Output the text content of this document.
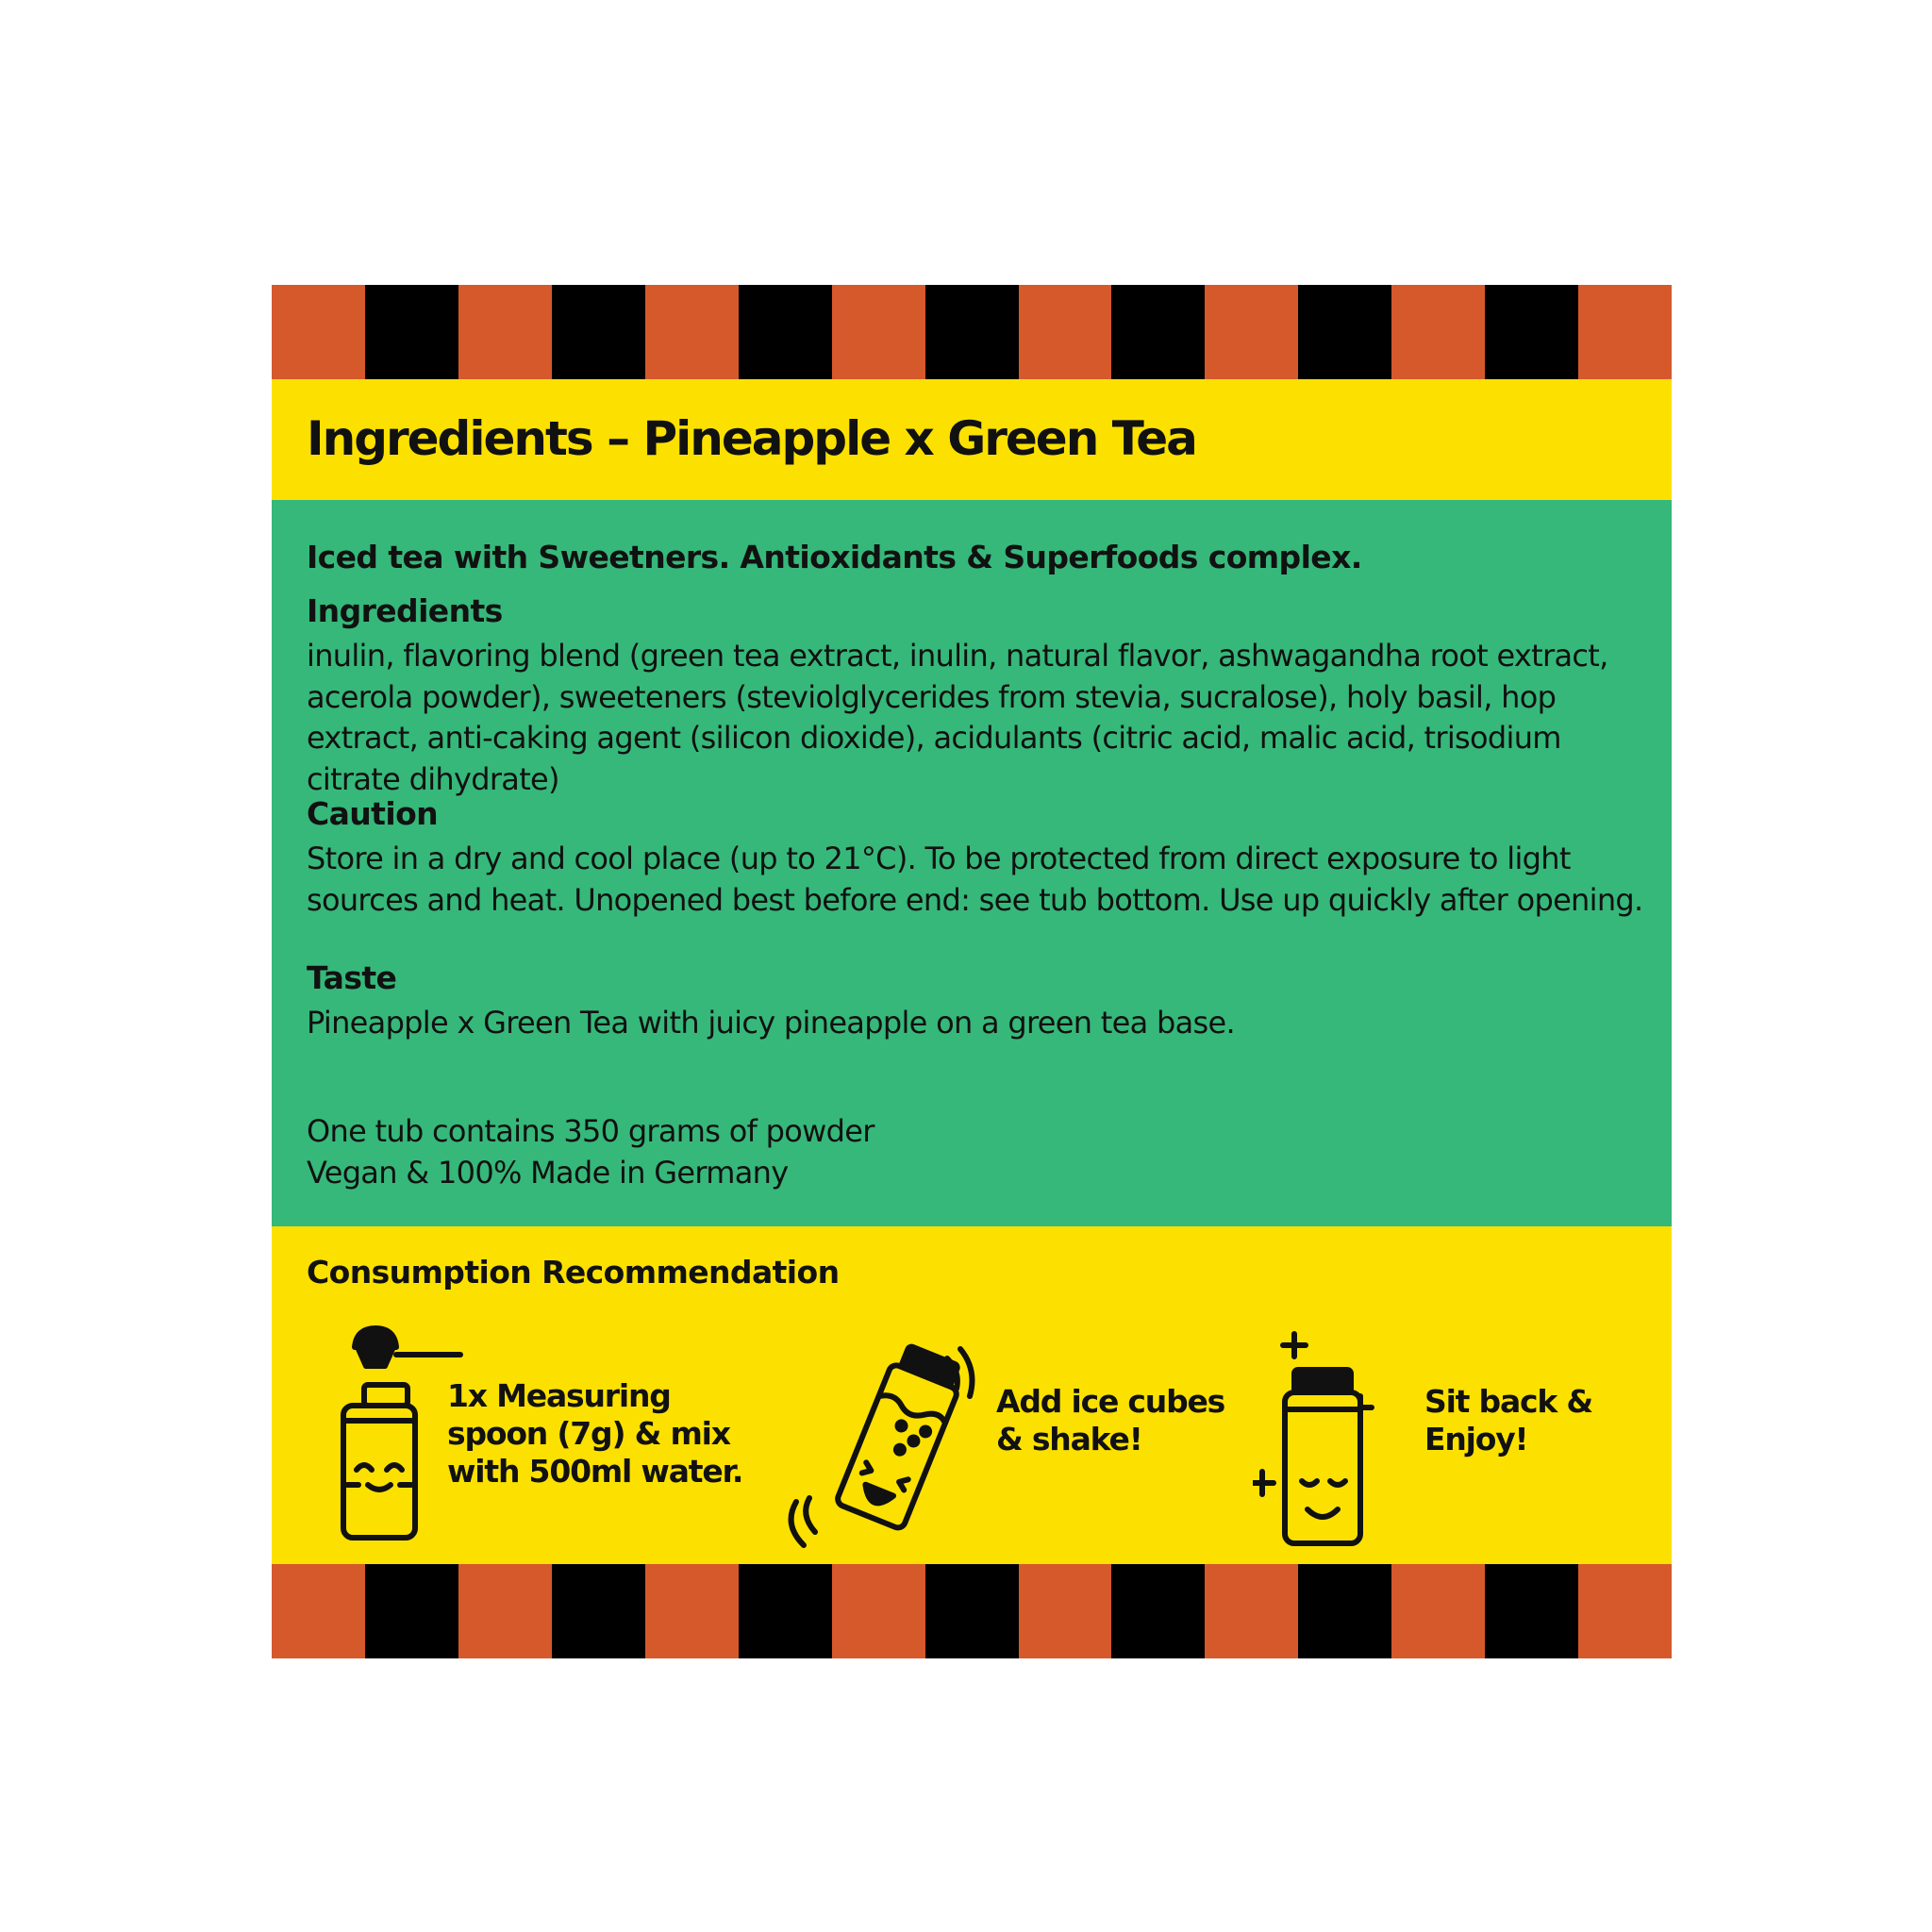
Ingredients – Pineapple x Green Tea

Iced tea with Sweetners. Antioxidants & Superfoods complex.

Ingredients

inulin, flavoring blend (green tea extract, inulin, natural flavor, ashwagandha root extract, acerola powder), sweeteners (steviolglycerides from stevia, sucralose), holy basil, hop extract, anti-caking agent (silicon dioxide), acidulants (citric acid, malic acid, trisodium citrate dihydrate)

Caution

Store in a dry and cool place (up to 21°C). To be protected from direct exposure to light sources and heat. Unopened best before end: see tub bottom. Use up quickly after opening.

Taste

Pineapple x Green Tea with juicy pineapple on a green tea base.

One tub contains 350 grams of powder
Vegan & 100% Made in Germany

Consumption Recommendation

1x Measuring
spoon (7g) & mix
with 500ml water.

Add ice cubes
& shake!

Sit back &
Enjoy!
